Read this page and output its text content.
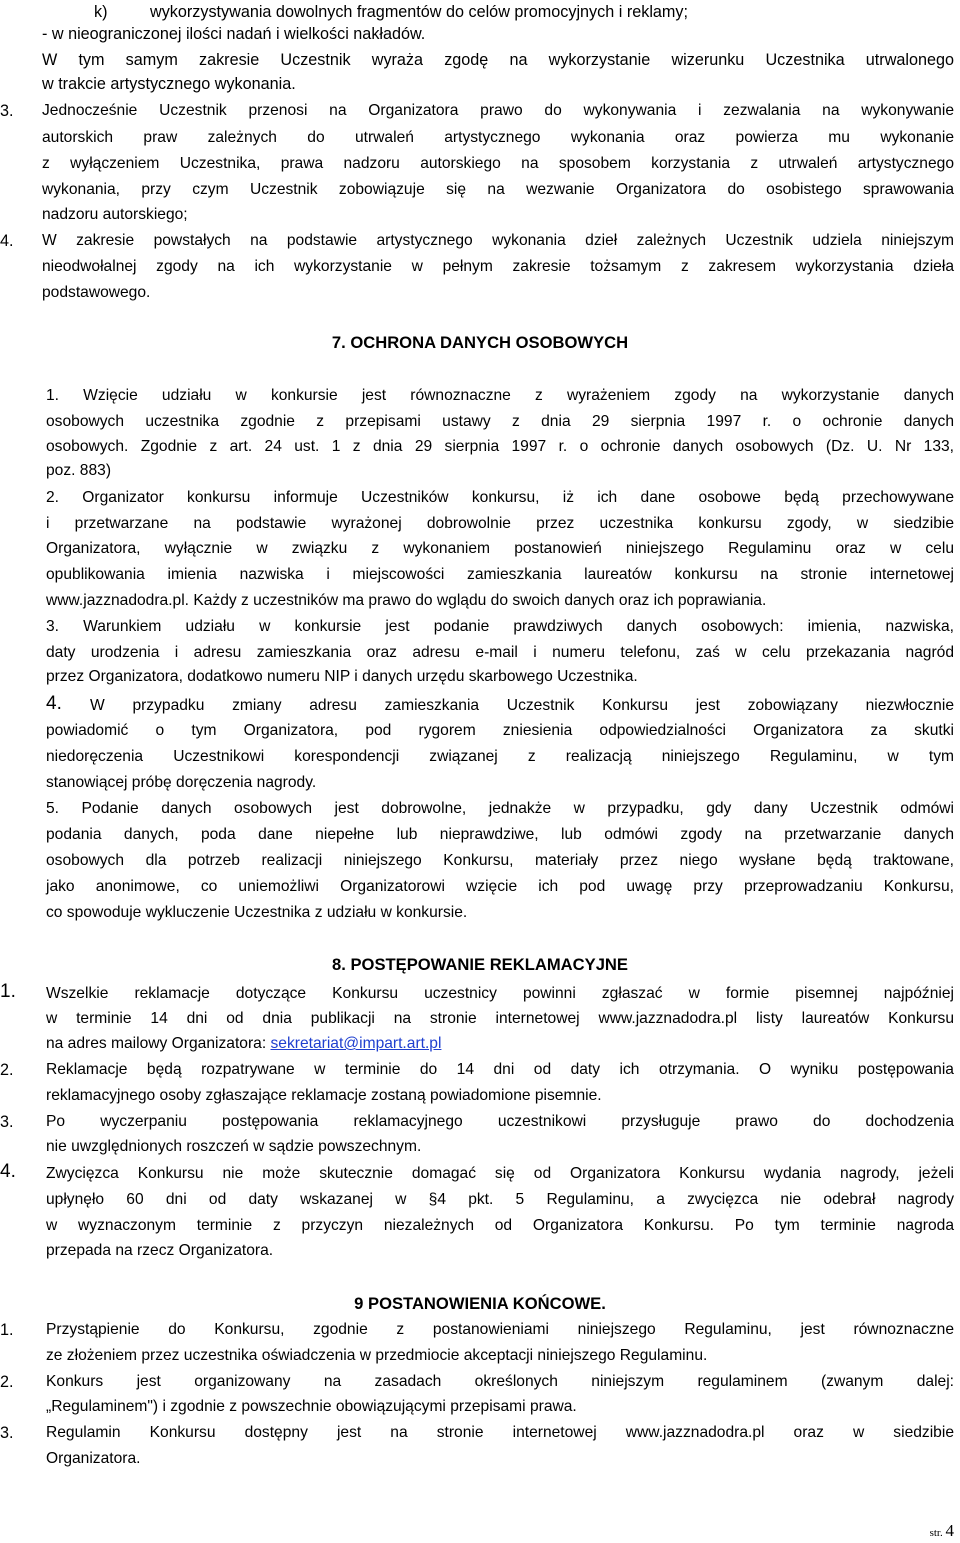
k)	wykorzystywania dowolnych fragmentów do celów promocyjnych i reklamy;
- w nieograniczonej ilości nadań i wielkości nakładów.
W tym samym zakresie Uczestnik wyraża zgodę na wykorzystanie wizerunku Uczestnika utrwalonego
w trakcie artystycznego wykonania.
3. Jednocześnie Uczestnik przenosi na Organizatora prawo do wykonywania i zezwalania na wykonywanie
autorskich praw zależnych do utrwaleń artystycznego wykonania oraz powierza mu wykonanie
z wyłączeniem Uczestnika, prawa nadzoru autorskiego na sposobem korzystania z utrwaleń artystycznego
wykonania, przy czym Uczestnik zobowiązuje się na wezwanie Organizatora do osobistego sprawowania
nadzoru autorskiego;
4. W zakresie powstałych na podstawie artystycznego wykonania dzieł zależnych Uczestnik udziela niniejszym
nieodwołalnej zgody na ich wykorzystanie w pełnym zakresie tożsamym z zakresem wykorzystania dzieła
podstawowego.
7. OCHRONA DANYCH OSOBOWYCH
1. Wzięcie udziału w konkursie jest równoznaczne z wyrażeniem zgody na wykorzystanie danych
osobowych uczestnika zgodnie z przepisami ustawy z dnia 29 sierpnia 1997 r. o ochronie danych
osobowych. Zgodnie z art. 24 ust. 1 z dnia 29 sierpnia 1997 r. o ochronie danych osobowych (Dz. U. Nr 133,
poz. 883)
2. Organizator konkursu informuje Uczestników konkursu, iż ich dane osobowe będą przechowywane
i przetwarzane na podstawie wyrażonej dobrowolnie przez uczestnika konkursu zgody, w siedzibie
Organizatora, wyłącznie w związku z wykonaniem postanowień niniejszego Regulaminu oraz w celu
opublikowania imienia nazwiska i miejscowości zamieszkania laureatów konkursu na stronie internetowej
www.jazznadodra.pl. Każdy z uczestników ma prawo do wglądu do swoich danych oraz ich poprawiania.
3. Warunkiem udziału w konkursie jest podanie prawdziwych danych osobowych: imienia, nazwiska,
daty urodzenia i adresu zamieszkania oraz adresu e-mail i numeru telefonu, zaś w celu przekazania nagród
przez Organizatora, dodatkowo numeru NIP i danych urzędu skarbowego Uczestnika.
4. W przypadku zmiany adresu zamieszkania Uczestnik Konkursu jest zobowiązany niezwłocznie
powiadomić o tym Organizatora, pod rygorem zniesienia odpowiedzialności Organizatora za skutki
niedoręczenia Uczestnikowi korespondencji związanej z realizacją niniejszego Regulaminu, w tym
stanowiącej próbę doręczenia nagrody.
5. Podanie danych osobowych jest dobrowolne, jednakże w przypadku, gdy dany Uczestnik odmówi
podania danych, poda dane niepełne lub nieprawdziwe, lub odmówi zgody na przetwarzanie danych
osobowych dla potrzeb realizacji niniejszego Konkursu, materiały przez niego wysłane będą traktowane,
jako anonimowe, co uniemożliwi Organizatorowi wzięcie ich pod uwagę przy przeprowadzaniu Konkursu,
co spowoduje wykluczenie Uczestnika z udziału w konkursie.
8. POSTĘPOWANIE REKLAMACYJNE
1. Wszelkie reklamacje dotyczące Konkursu uczestnicy powinni zgłaszać w formie pisemnej najpóźniej
w terminie 14 dni od dnia publikacji na stronie internetowej www.jazznadodra.pl listy laureatów Konkursu
na adres mailowy Organizatora: sekretariat@impart.art.pl
2. Reklamacje będą rozpatrywane w terminie do 14 dni od daty ich otrzymania. O wyniku postępowania
reklamacyjnego osoby zgłaszające reklamacje zostaną powiadomione pisemnie.
3. Po wyczerpaniu postępowania reklamacyjnego uczestnikowi przysługuje prawo do dochodzenia
nie uwzględnionych roszczeń w sądzie powszechnym.
4. Zwycięzca Konkursu nie może skutecznie domagać się od Organizatora Konkursu wydania nagrody, jeżeli
upłynęło 60 dni od daty wskazanej w §4 pkt. 5 Regulaminu, a zwycięzca nie odebrał nagrody
w wyznaczonym terminie z przyczyn niezależnych od Organizatora Konkursu. Po tym terminie nagroda
przepada na rzecz Organizatora.
9 POSTANOWIENIA KOŃCOWE.
1. Przystąpienie do Konkursu, zgodnie z postanowieniami niniejszego Regulaminu, jest równoznaczne
ze złożeniem przez uczestnika oświadczenia w przedmiocie akceptacji niniejszego Regulaminu.
2. Konkurs jest organizowany na zasadach określonych niniejszym regulaminem (zwanym dalej:
„Regulaminem") i zgodnie z powszechnie obowiązującymi przepisami prawa.
3. Regulamin Konkursu dostępny jest na stronie internetowej www.jazznadodra.pl oraz w siedzibie
Organizatora.
str. 4
